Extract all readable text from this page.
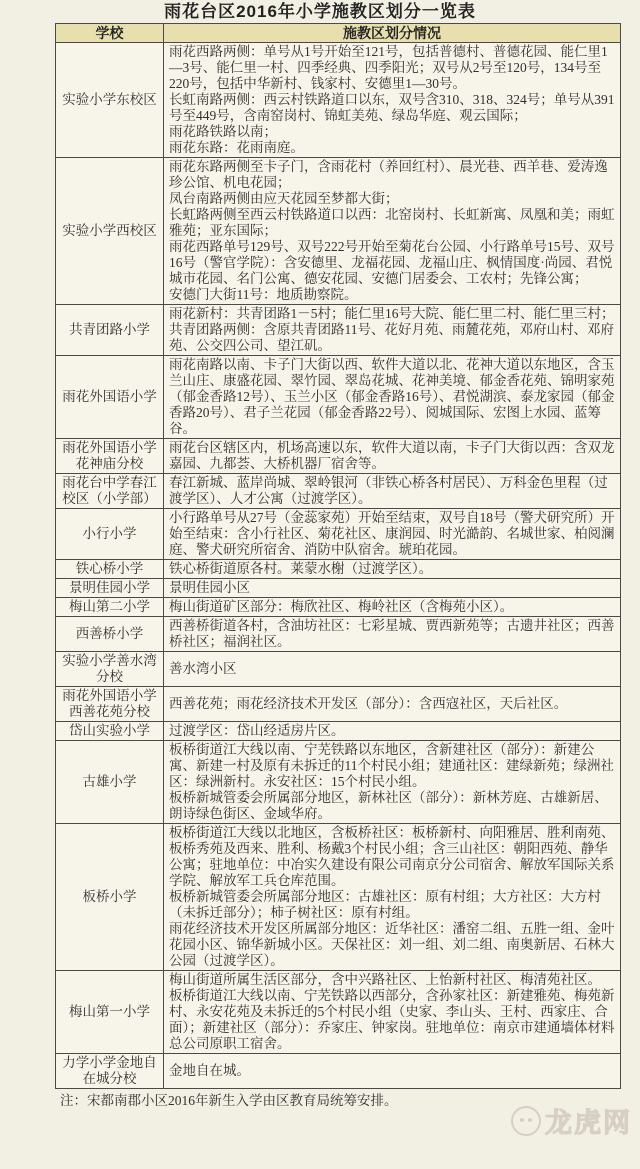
雨花台区2016年小学施教区划分一览表
学校	施教区划分情况
实验小学东校区	雨花西路两侧：单号从1号开始至121号，包括普德村、普德花园、能仁里1—3号、能仁里一村、四季经典、四季阳光；双号从2号至120号，134号至220号，包括中华新村、钱家村、安德里1—30号。
长虹南路两侧：西云村铁路道口以东，双号含310、318、324号；单号从391号至449号，含南窑岗村、锦虹美苑、绿岛华庭、观云国际；
雨花路铁路以南；
雨花东路：花雨南庭。

实验小学西校区	雨花东路两侧至卡子门，含雨花村（养回红村）、晨光巷、西羊巷、爱涛逸珍公馆、机电花园；
凤台南路两侧由应天花园至梦都大街；
长虹路两侧至西云村铁路道口以西：北窑岗村、长虹新寓、凤凰和美；雨虹雅苑；亚东国际；
雨花西路单号129号、双号222号开始至菊花台公园、小行路单号15号、双号16号（警官学院）：含安德里、龙福花园、龙福山庄、枫情国度·尚园、君悦城市花园、名门公寓、德安花园、安德门居委会、工农村；先锋公寓；
安德门大街11号：地质勘察院。

共青团路小学	雨花新村：共青团路1－5村；能仁里16号大院、能仁里二村、能仁里三村；共青团路两侧：含原共青团路11号、花好月苑、雨麓花苑，邓府山村、邓府苑、公交四公司、望江矶。

雨花外国语小学	雨花南路以南、卡子门大街以西、软件大道以北、花神大道以东地区，含玉兰山庄、康盛花园、翠竹园、翠岛花城、花神美境、郁金香花苑、锦明家苑（郁金香路12号）、玉兰小区（郁金香路16号）、君悦湖滨、泰龙家园（郁金香路20号）、君子兰花园（郁金香路22号）、阅城国际、宏图上水园、蓝筹谷。

雨花外国语小学花神庙分校	雨花台区辖区内，机场高速以东，软件大道以南，卡子门大街以西：含双龙嘉园、九都荟、大桥机器厂宿舍等。

雨花台中学春江校区（小学部）	春江新城、蓝岸尚城、翠岭银河（非铁心桥各村居民）、万科金色里程（过渡学区）、人才公寓（过渡学区）。

小行小学	小行路单号从27号（金蕊家苑）开始至结束，双号自18号（警犬研究所）开始至结束：含小行社区、菊花社区、康润园、时光澔韵、名城世家、柏阅澜庭、警犬研究所宿舍、消防中队宿舍。琥珀花园。

铁心桥小学	铁心桥街道原各村。莱蒙水榭（过渡学区）。

景明佳园小学	景明佳园小区

梅山第二小学	梅山街道矿区部分：梅欣社区、梅岭社区（含梅苑小区）。

西善桥小学	西善桥街道各村，含油坊社区：七彩星城、贾西新苑等；古遗井社区；西善桥社区；福润社区。

实验小学善水湾分校	善水湾小区

雨花外国语小学西善花苑分校	西善花苑；雨花经济技术开发区（部分）：含西寇社区，天后社区。

岱山实验小学	过渡学区：岱山经适房片区。

古雄小学	板桥街道江大线以南、宁芜铁路以东地区，含新建社区（部分）：新建公寓、新建一村及原有未拆迁的11个村民小组；建通社区：建绿新苑；绿洲社区：绿洲新村。永安社区：15个村民小组。
板桥新城管委会所属部分地区，新林社区（部分）：新林芳庭、古雄新居、朗诗绿色街区、金域华府。

板桥小学	板桥街道江大线以北地区，含板桥社区：板桥新村、向阳雅居、胜利南苑、板桥秀苑及西来、胜利、杨戴3个村民小组；含三山社区：朝阳西苑、静华公寓；驻地单位：中冶实久建设有限公司南京分公司宿舍、解放军国际关系学院、解放军工兵仓库范围。
板桥新城管委会所属部分地区：古雄社区：原有村组；大方社区：大方村（未拆迁部分）；柿子树社区：原有村组。
雨花经济技术开发区所属部分地区：近华社区：潘窑二组、五胜一组、金叶花园小区、锦华新城小区。天保社区：刘一组、刘二组、南奥新居、石林大公园（过渡学区）。

梅山第一小学	梅山街道所属生活区部分，含中兴路社区、上怡新村社区、梅清苑社区。
板桥街道江大线以南、宁芜铁路以西部分，含孙家社区：新建雅苑、梅苑新村、永安花苑及未拆迁的5个村民小组（史家、李山头、王村、西家庄、合面）；新建社区（部分）：乔家庄、钟家岗。驻地单位：南京市建通墙体材料总公司原职工宿舍。

力学小学金地自在城分校	金地自在城。
注：宋都南郡小区2016年新生入学由区教育局统筹安排。
龙虎网
